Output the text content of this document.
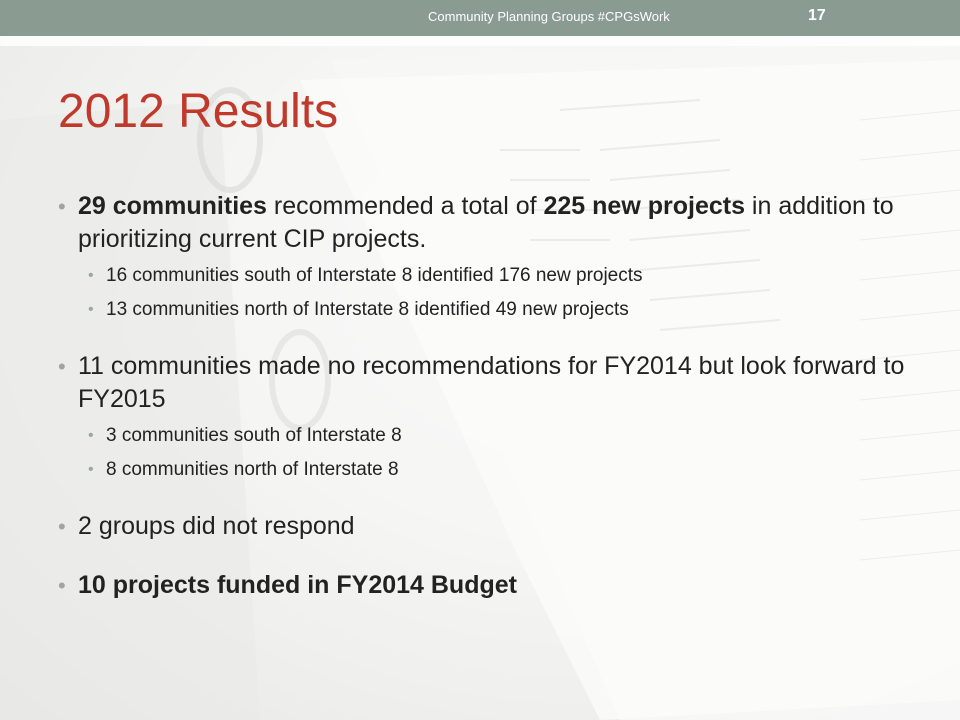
Community Planning Groups #CPGsWork	17
2012 Results
• 29 communities recommended a total of 225 new projects in addition to prioritizing current CIP projects.
• 16 communities south of Interstate 8 identified 176 new projects
• 13 communities north of Interstate 8 identified 49 new projects
• 11 communities made no recommendations for FY2014 but look forward to FY2015
• 3 communities south of Interstate 8
• 8 communities north of Interstate 8
• 2 groups did not respond
• 10 projects funded in FY2014 Budget
